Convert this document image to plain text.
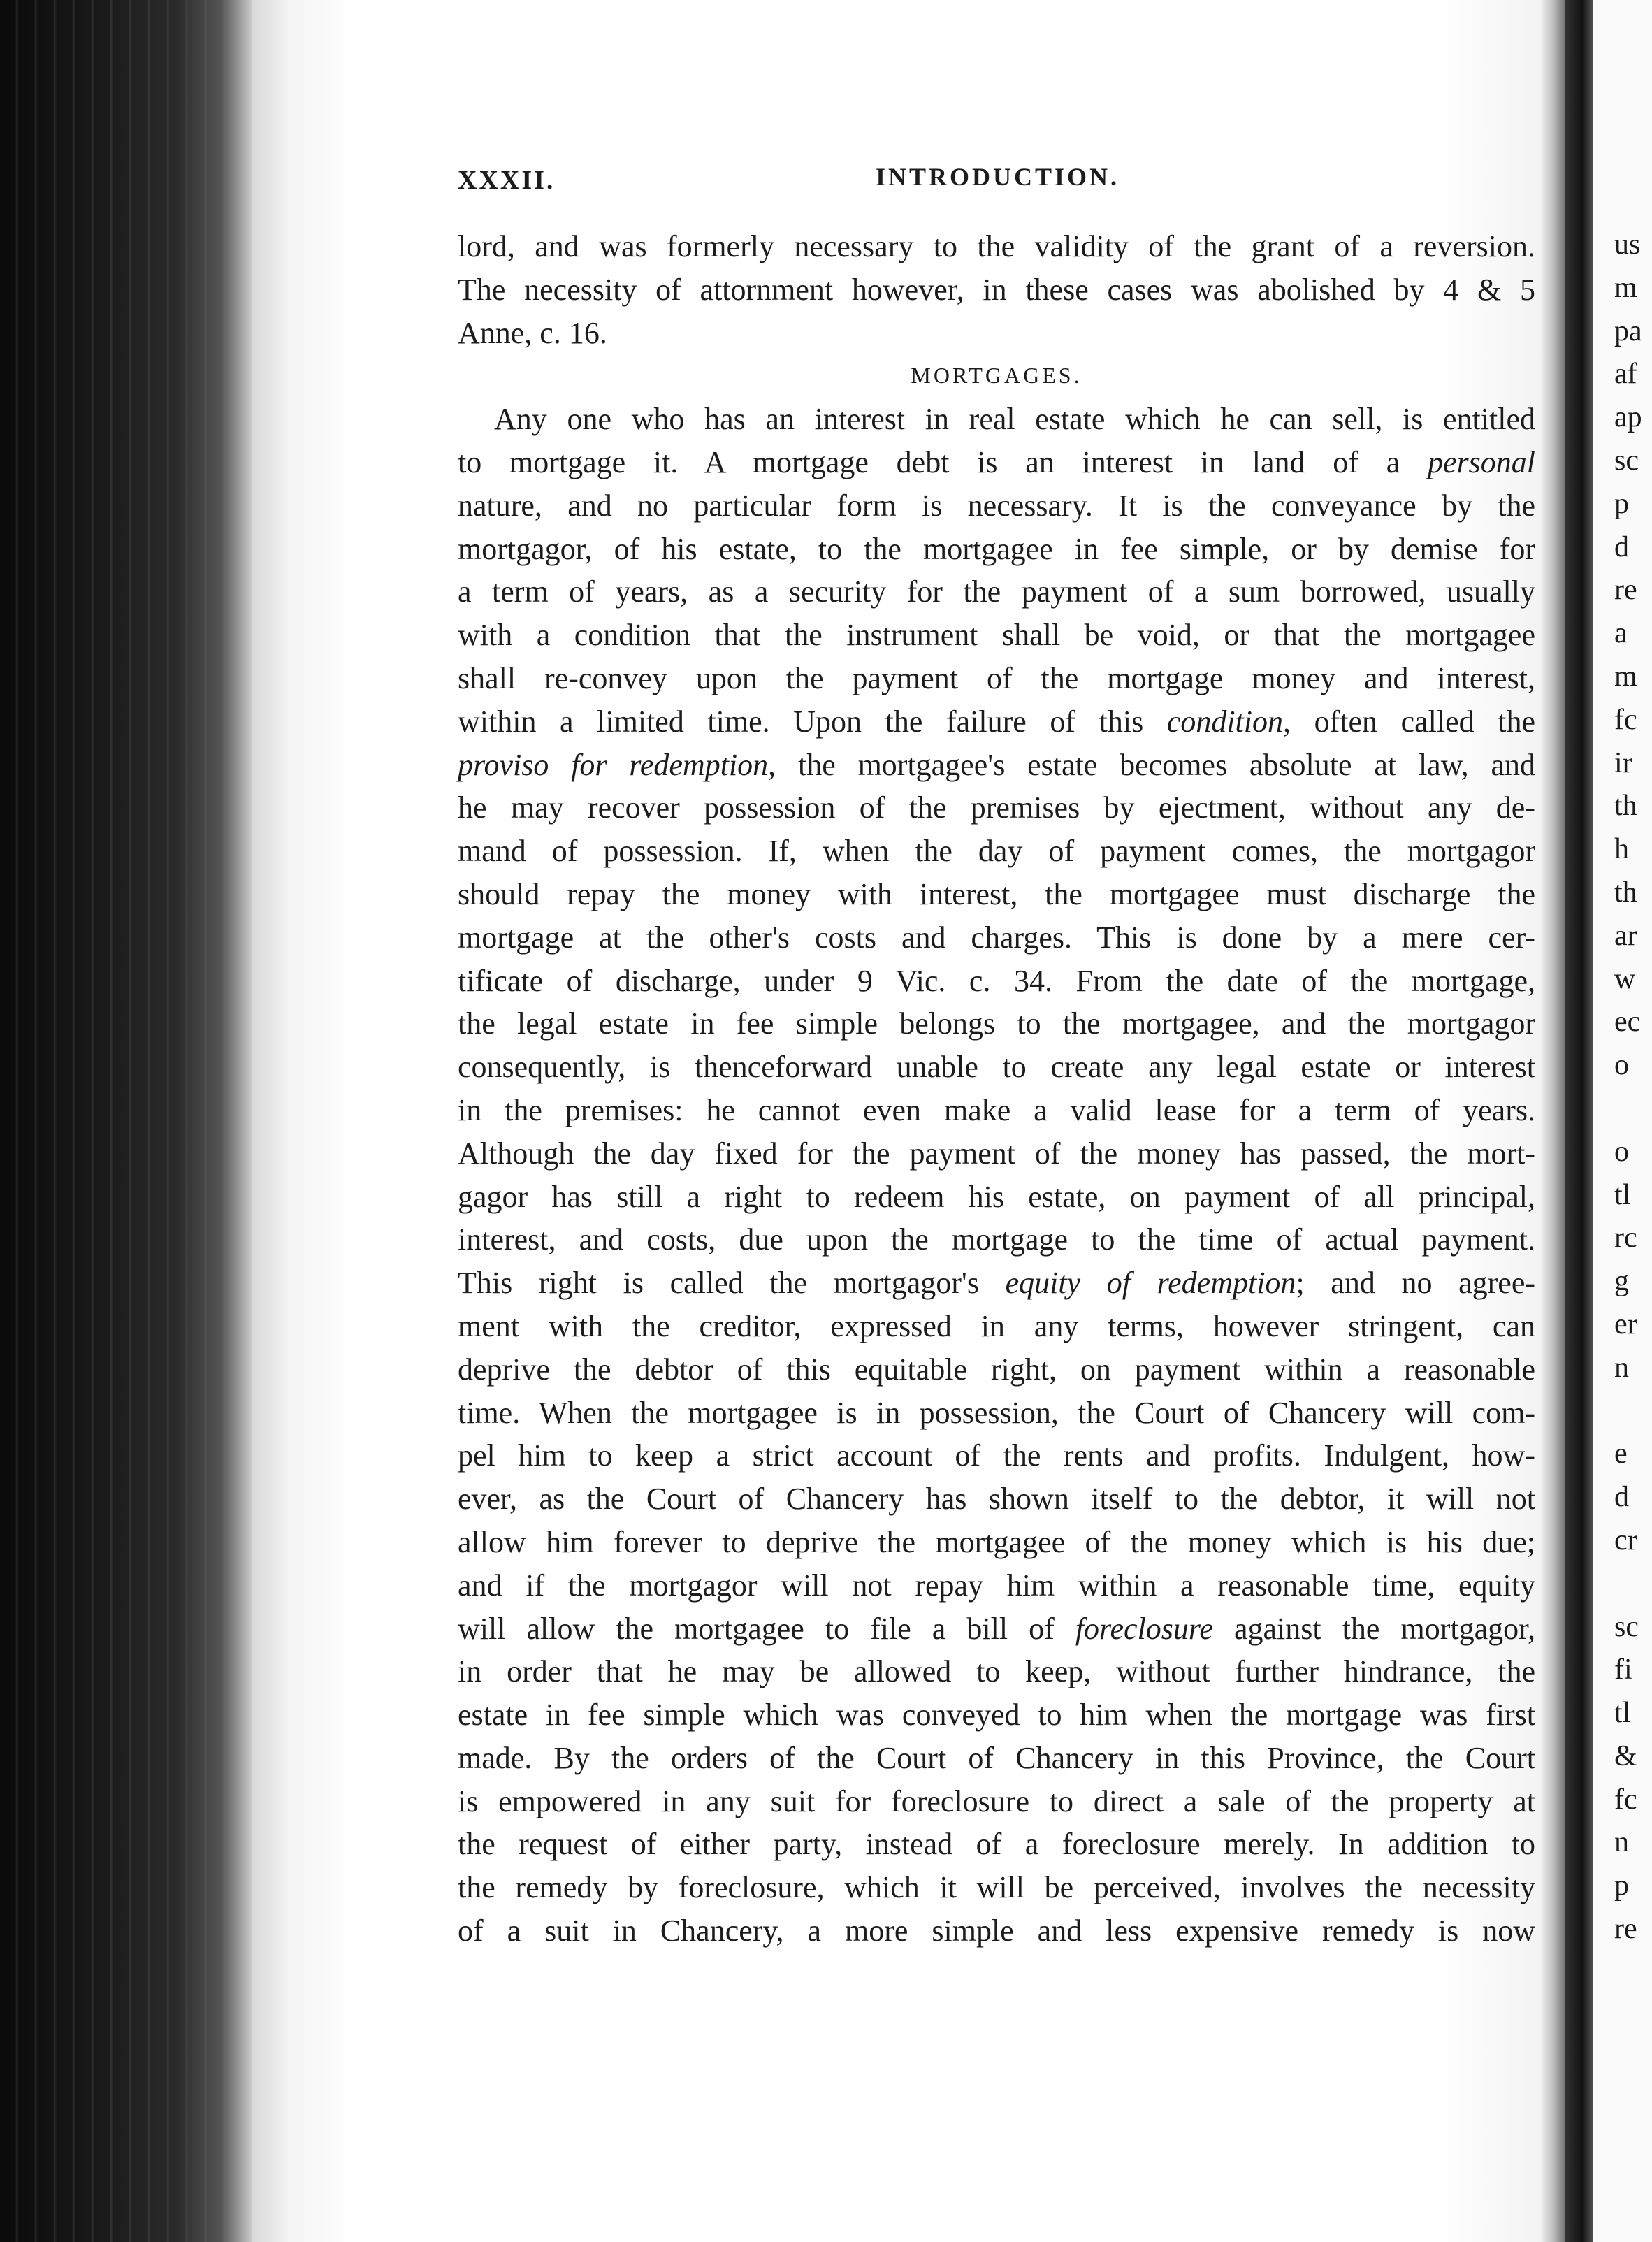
XXXII.	INTRODUCTION.
lord, and was formerly necessary to the validity of the grant of a reversion.
The necessity of attornment however, in these cases was abolished by 4 & 5
Anne, c. 16.
MORTGAGES.
Any one who has an interest in real estate which he can sell, is entitled
to mortgage it. A mortgage debt is an interest in land of a personal
nature, and no particular form is necessary. It is the conveyance by the
mortgagor, of his estate, to the mortgagee in fee simple, or by demise for
a term of years, as a security for the payment of a sum borrowed, usually
with a condition that the instrument shall be void, or that the mortgagee
shall re-convey upon the payment of the mortgage money and interest,
within a limited time. Upon the failure of this condition, often called the
proviso for redemption, the mortgagee's estate becomes absolute at law, and
he may recover possession of the premises by ejectment, without any de-
mand of possession. If, when the day of payment comes, the mortgagor
should repay the money with interest, the mortgagee must discharge the
mortgage at the other's costs and charges. This is done by a mere cer-
tificate of discharge, under 9 Vic. c. 34. From the date of the mortgage,
the legal estate in fee simple belongs to the mortgagee, and the mortgagor
consequently, is thenceforward unable to create any legal estate or interest
in the premises: he cannot even make a valid lease for a term of years.
Although the day fixed for the payment of the money has passed, the mort-
gagor has still a right to redeem his estate, on payment of all principal,
interest, and costs, due upon the mortgage to the time of actual payment.
This right is called the mortgagor's equity of redemption; and no agree-
ment with the creditor, expressed in any terms, however stringent, can
deprive the debtor of this equitable right, on payment within a reasonable
time. When the mortgagee is in possession, the Court of Chancery will com-
pel him to keep a strict account of the rents and profits. Indulgent, how-
ever, as the Court of Chancery has shown itself to the debtor, it will not
allow him forever to deprive the mortgagee of the money which is his due;
and if the mortgagor will not repay him within a reasonable time, equity
will allow the mortgagee to file a bill of foreclosure against the mortgagor,
in order that he may be allowed to keep, without further hindrance, the
estate in fee simple which was conveyed to him when the mortgage was first
made. By the orders of the Court of Chancery in this Province, the Court
is empowered in any suit for foreclosure to direct a sale of the property at
the request of either party, instead of a foreclosure merely. In addition to
the remedy by foreclosure, which it will be perceived, involves the necessity
of a suit in Chancery, a more simple and less expensive remedy is now
us
m
pa
af
ap
sc
p
d
re
a
m
fc
ir
th
h
th
ar
w
ec
o
o
tl
rc
g
er
n
e
d
cr
sc
fi
tl
&
fc
n
p
re
